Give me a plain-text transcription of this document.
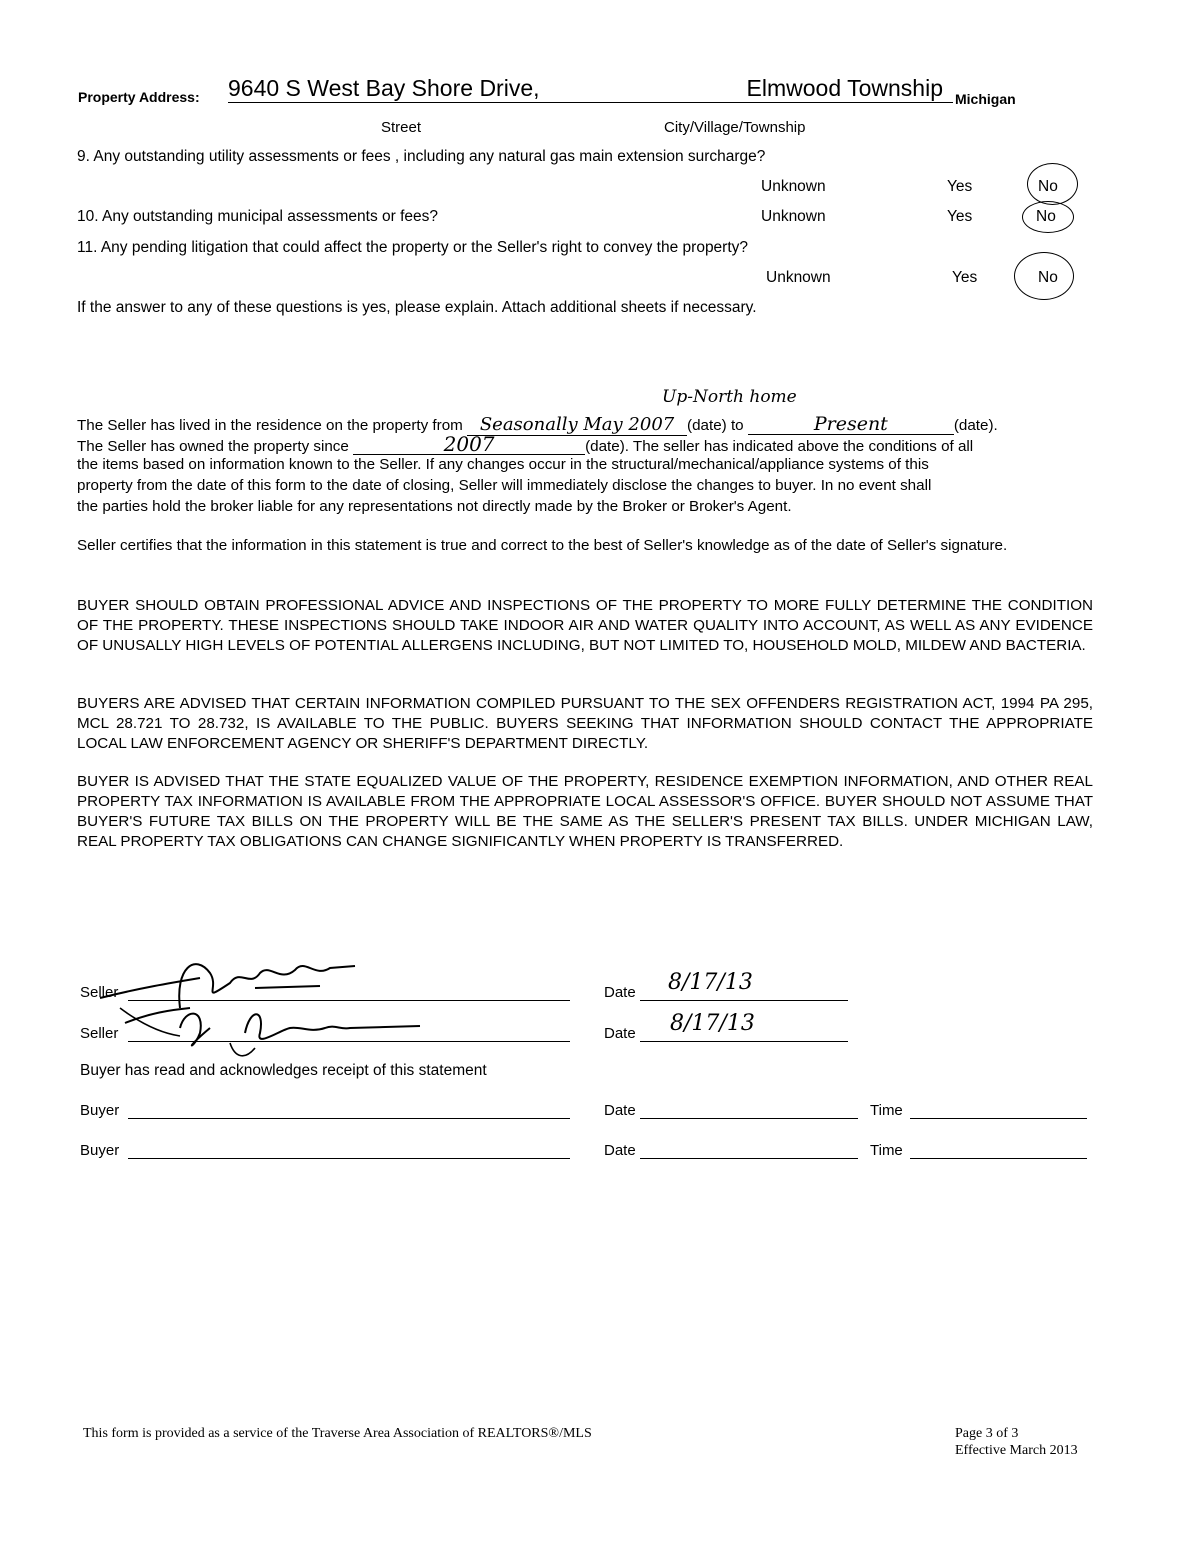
Property Address: 9640 S West Bay Shore Drive,	Elmwood Township Michigan
Street	City/Village/Township
9. Any outstanding utility assessments or fees , including any natural gas main extension surcharge?
Unknown	Yes	No
10. Any outstanding municipal assessments or fees?	Unknown	Yes	No
11. Any pending litigation that could affect the property or the Seller's right to convey the property?
Unknown	Yes	No
If the answer to any of these questions is yes, please explain. Attach additional sheets if necessary.
Up-North home
The Seller has lived in the residence on the property from Seasonally May 2007 (date) to	Present	(date).
The Seller has owned the property since	2007	(date). The seller has indicated above the conditions of all
the items based on information known to the Seller. If any changes occur in the structural/mechanical/appliance systems of this
property from the date of this form to the date of closing, Seller will immediately disclose the changes to buyer. In no event shall
the parties hold the broker liable for any representations not directly made by the Broker or Broker's Agent.
Seller certifies that the information in this statement is true and correct to the best of Seller's knowledge as of the date of Seller's signature.
BUYER SHOULD OBTAIN PROFESSIONAL ADVICE AND INSPECTIONS OF THE PROPERTY TO MORE FULLY DETERMINE THE CONDITION OF THE PROPERTY. THESE INSPECTIONS SHOULD TAKE INDOOR AIR AND WATER QUALITY INTO ACCOUNT, AS WELL AS ANY EVIDENCE OF UNUSALLY HIGH LEVELS OF POTENTIAL ALLERGENS INCLUDING, BUT NOT LIMITED TO, HOUSEHOLD MOLD, MILDEW AND BACTERIA.
BUYERS ARE ADVISED THAT CERTAIN INFORMATION COMPILED PURSUANT TO THE SEX OFFENDERS REGISTRATION ACT, 1994 PA 295, MCL 28.721 TO 28.732, IS AVAILABLE TO THE PUBLIC. BUYERS SEEKING THAT INFORMATION SHOULD CONTACT THE APPROPRIATE LOCAL LAW ENFORCEMENT AGENCY OR SHERIFF'S DEPARTMENT DIRECTLY.
BUYER IS ADVISED THAT THE STATE EQUALIZED VALUE OF THE PROPERTY, RESIDENCE EXEMPTION INFORMATION, AND OTHER REAL PROPERTY TAX INFORMATION IS AVAILABLE FROM THE APPROPRIATE LOCAL ASSESSOR'S OFFICE. BUYER SHOULD NOT ASSUME THAT BUYER'S FUTURE TAX BILLS ON THE PROPERTY WILL BE THE SAME AS THE SELLER'S PRESENT TAX BILLS. UNDER MICHIGAN LAW, REAL PROPERTY TAX OBLIGATIONS CAN CHANGE SIGNIFICANTLY WHEN PROPERTY IS TRANSFERRED.
Seller	Date 8/17/13
Seller	Date 8/17/13
Buyer has read and acknowledges receipt of this statement
Buyer	Date	Time
Buyer	Date	Time
This form is provided as a service of the Traverse Area Association of REALTORS®/MLS	Page 3 of 3
Effective March 2013
